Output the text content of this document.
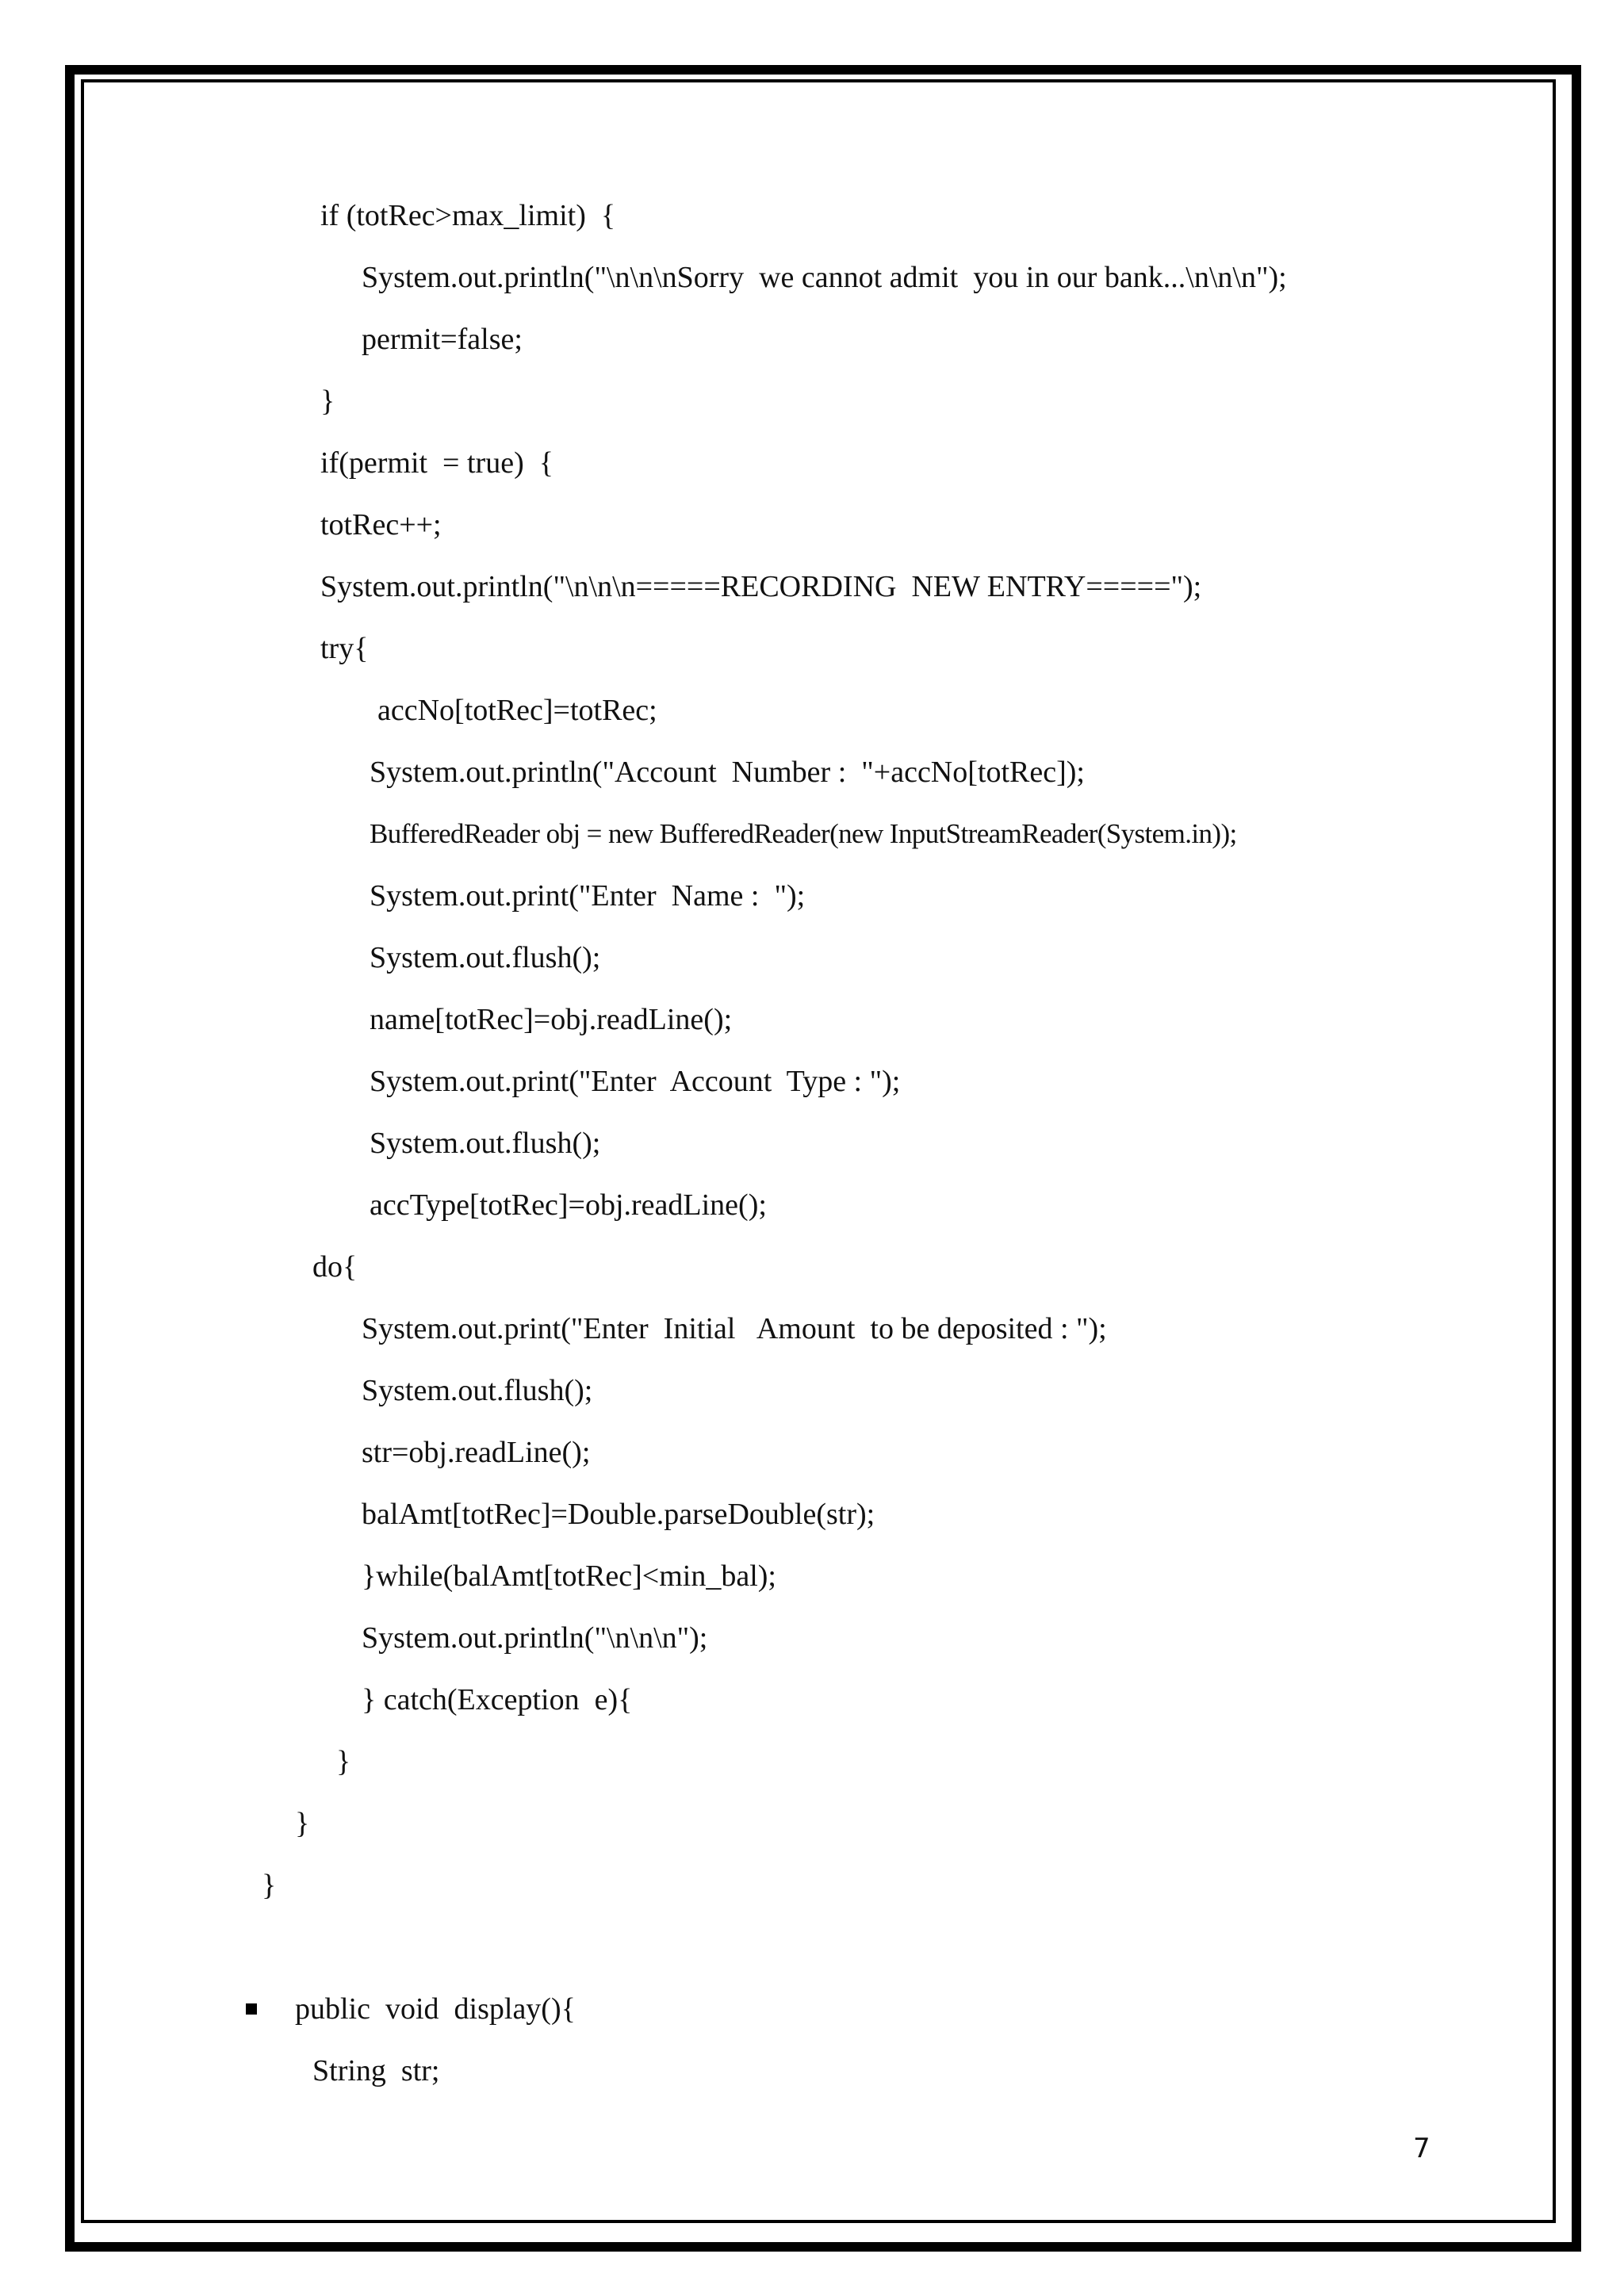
if (totRec>max_limit)  {
System.out.println("\n\n\nSorry  we cannot admit  you in our bank...\n\n\n");
permit=false;
}
if(permit  = true)  {
totRec++;
System.out.println("\n\n\n=====RECORDING  NEW ENTRY=====");
try{
accNo[totRec]=totRec;
System.out.println("Account  Number :  "+accNo[totRec]);
BufferedReader obj = new BufferedReader(new InputStreamReader(System.in));
System.out.print("Enter  Name :  ");
System.out.flush();
name[totRec]=obj.readLine();
System.out.print("Enter  Account  Type : ");
System.out.flush();
accType[totRec]=obj.readLine();
do{
System.out.print("Enter  Initial   Amount  to be deposited : ");
System.out.flush();
str=obj.readLine();
balAmt[totRec]=Double.parseDouble(str);
}while(balAmt[totRec]<min_bal);
System.out.println("\n\n\n");
} catch(Exception  e){
}
}
}
public  void  display(){
String  str;
7
